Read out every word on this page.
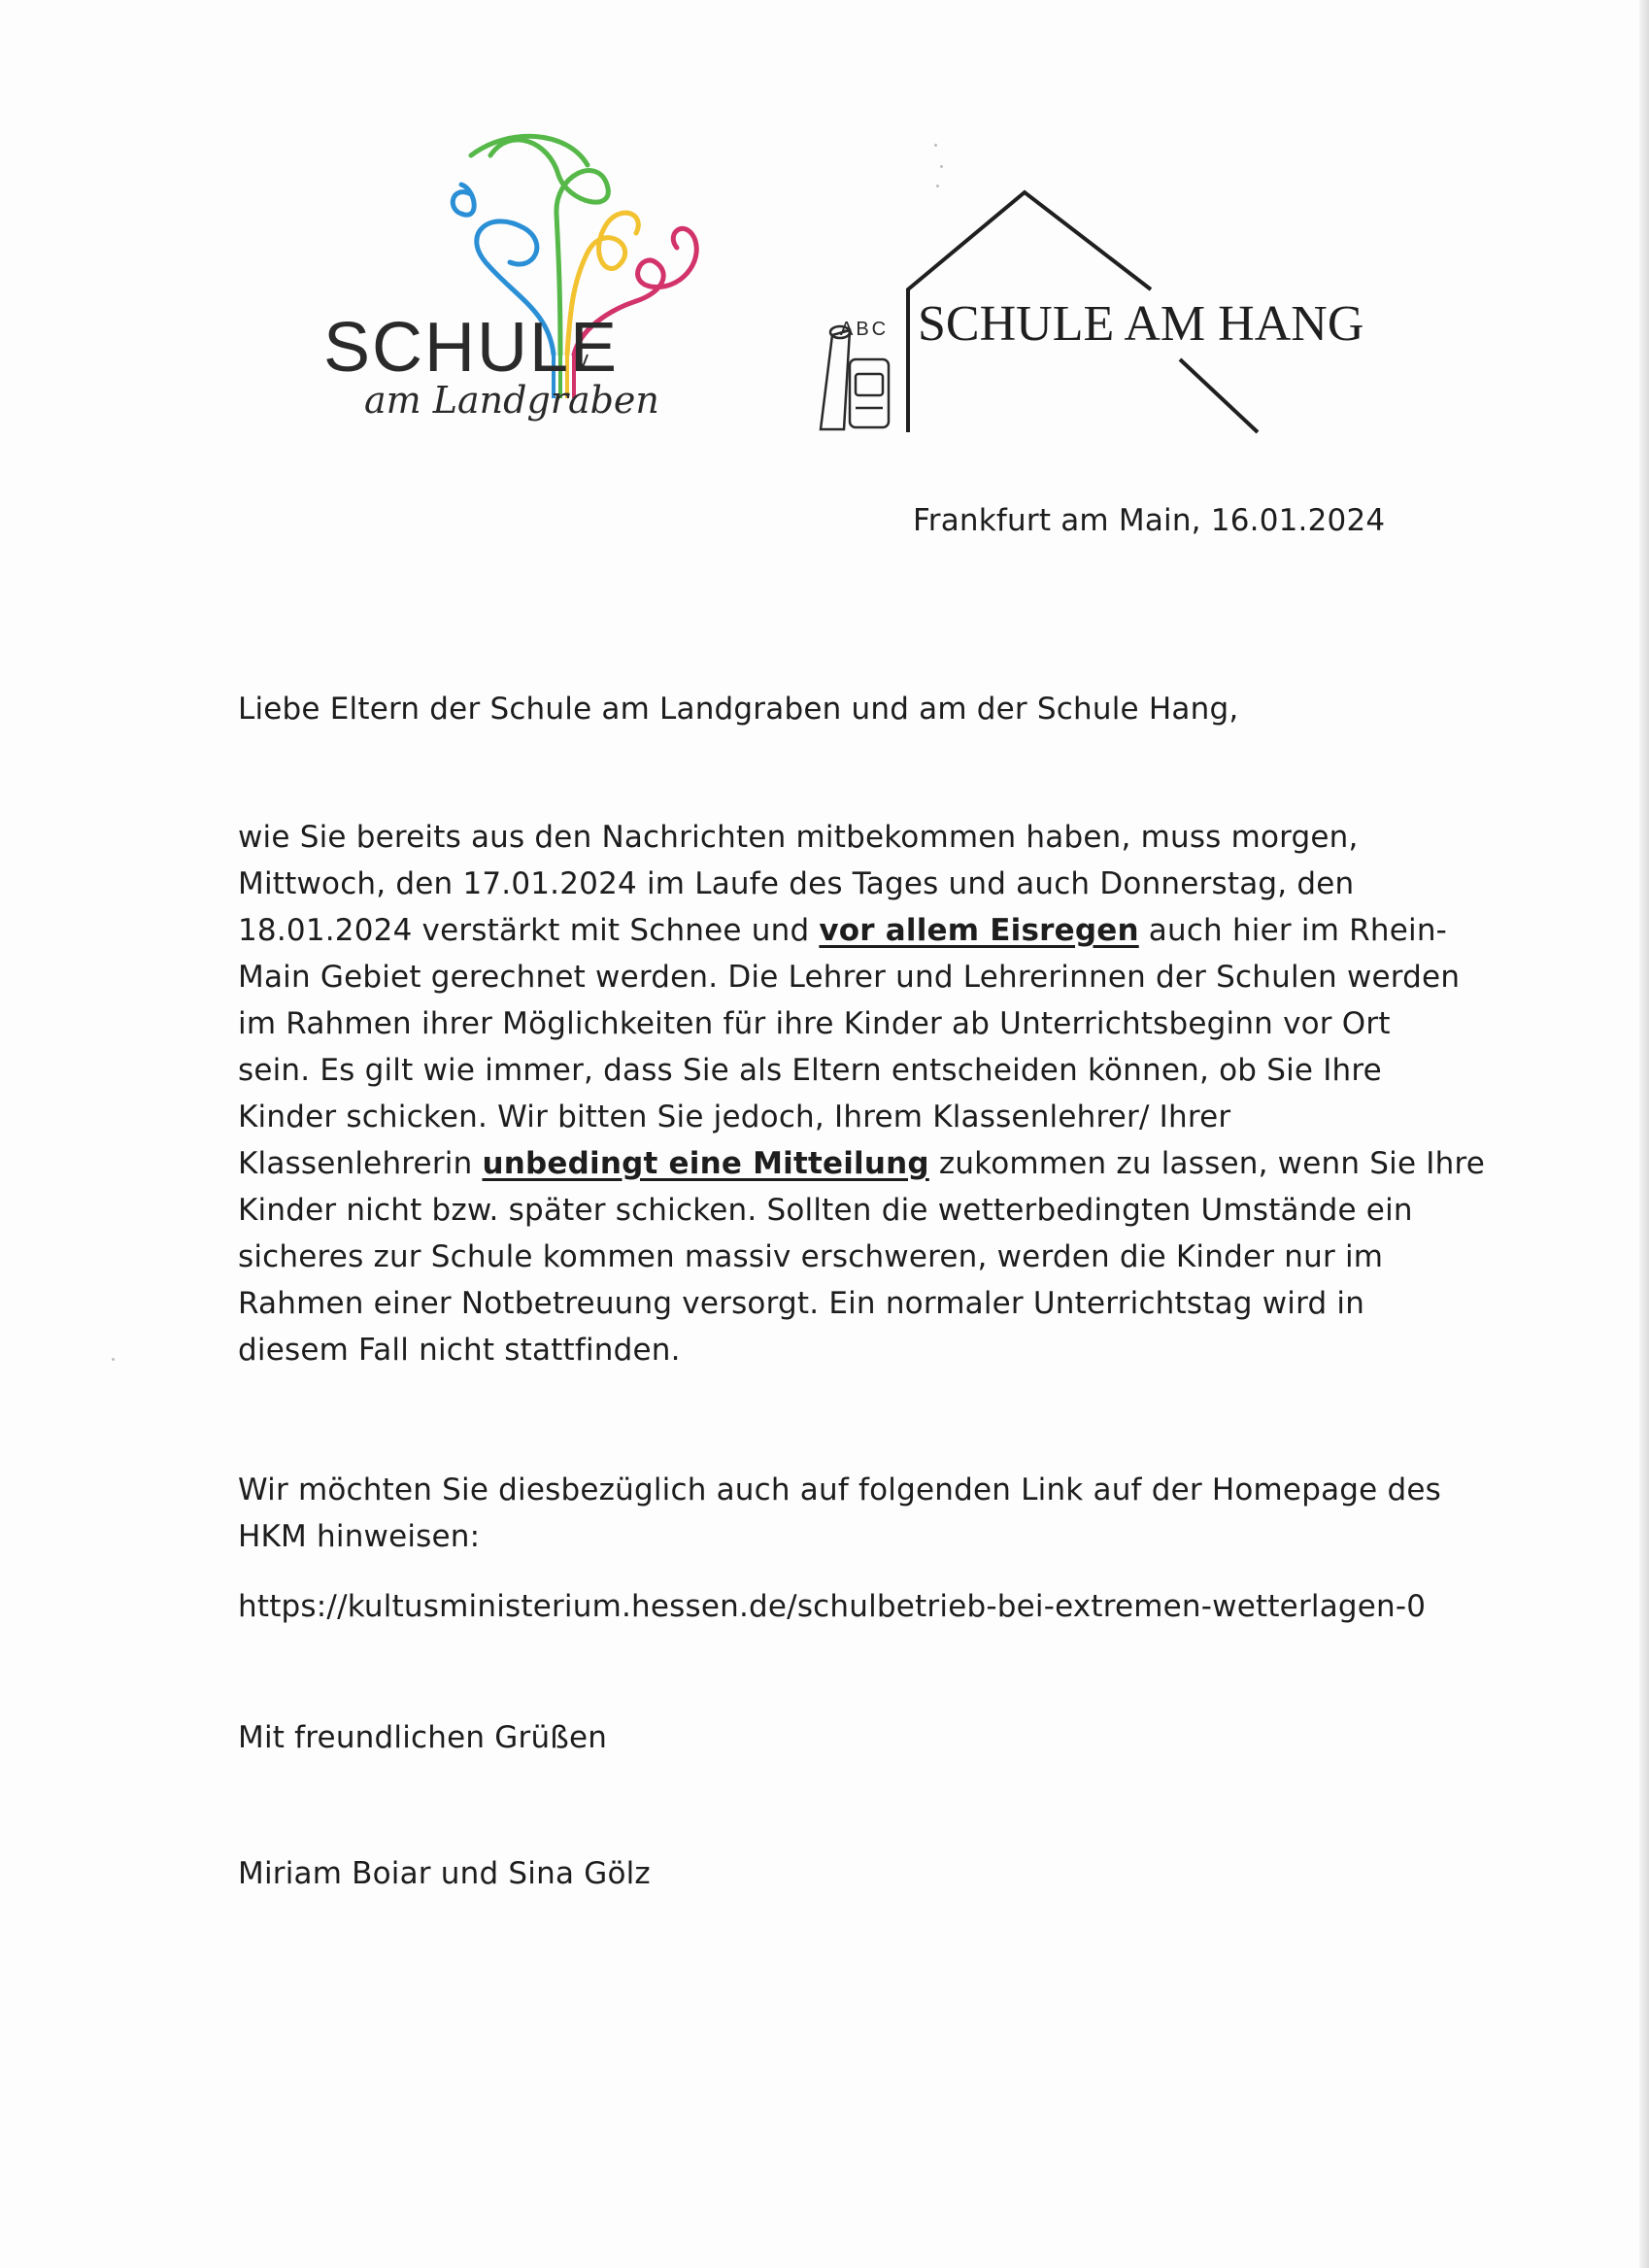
SCHULE
am Landgraben
ABC SCHULE AM HANG
Frankfurt am Main, 16.01.2024
Liebe Eltern der Schule am Landgraben und am der Schule Hang,
wie Sie bereits aus den Nachrichten mitbekommen haben, muss morgen,
Mittwoch, den 17.01.2024 im Laufe des Tages und auch Donnerstag, den
18.01.2024 verstärkt mit Schnee und vor allem Eisregen auch hier im Rhein-
Main Gebiet gerechnet werden. Die Lehrer und Lehrerinnen der Schulen werden
im Rahmen ihrer Möglichkeiten für ihre Kinder ab Unterrichtsbeginn vor Ort
sein. Es gilt wie immer, dass Sie als Eltern entscheiden können, ob Sie Ihre
Kinder schicken. Wir bitten Sie jedoch, Ihrem Klassenlehrer/ Ihrer
Klassenlehrerin unbedingt eine Mitteilung zukommen zu lassen, wenn Sie Ihre
Kinder nicht bzw. später schicken. Sollten die wetterbedingten Umstände ein
sicheres zur Schule kommen massiv erschweren, werden die Kinder nur im
Rahmen einer Notbetreuung versorgt. Ein normaler Unterrichtstag wird in
diesem Fall nicht stattfinden.
Wir möchten Sie diesbezüglich auch auf folgenden Link auf der Homepage des
HKM hinweisen:
https://kultusministerium.hessen.de/schulbetrieb-bei-extremen-wetterlagen-0
Mit freundlichen Grüßen
Miriam Boiar und Sina Gölz
